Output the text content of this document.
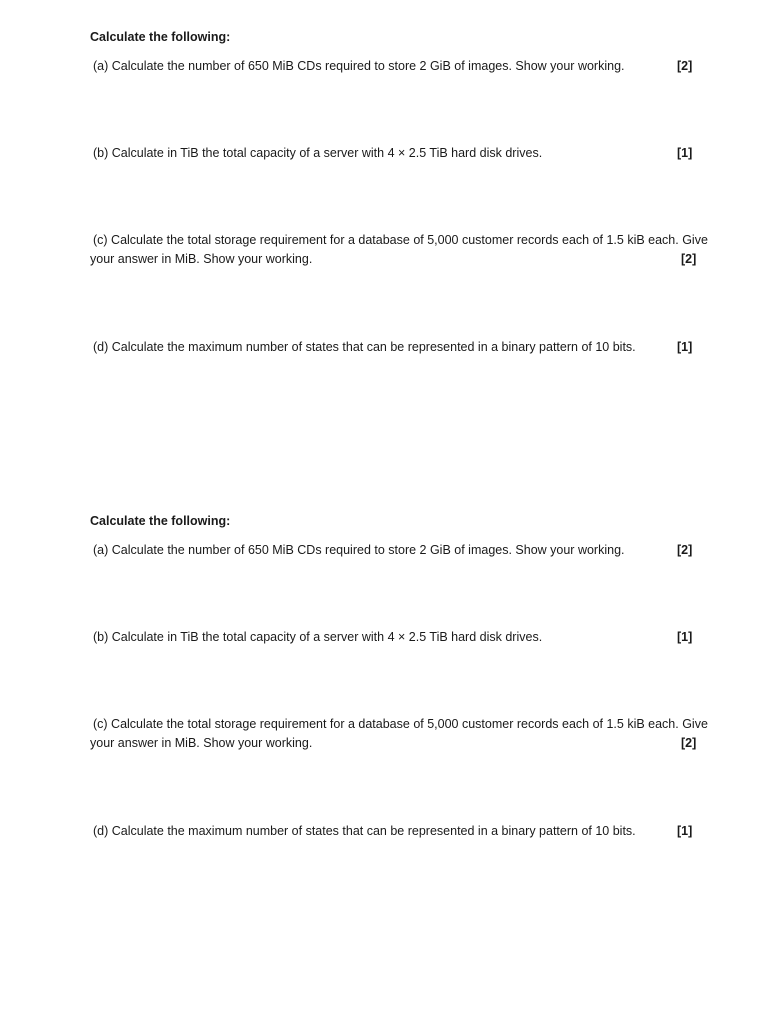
Calculate the following:
(a) Calculate the number of 650 MiB CDs required to store 2 GiB of images. Show your working.	[2]
(b) Calculate in TiB the total capacity of a server with 4 × 2.5 TiB hard disk drives.	[1]
(c) Calculate the total storage requirement for a database of 5,000 customer records each of 1.5 kiB each. Give
your answer in MiB. Show your working.	[2]
(d) Calculate the maximum number of states that can be represented in a binary pattern of 10 bits.	[1]
Calculate the following:
(a) Calculate the number of 650 MiB CDs required to store 2 GiB of images. Show your working.	[2]
(b) Calculate in TiB the total capacity of a server with 4 × 2.5 TiB hard disk drives.	[1]
(c) Calculate the total storage requirement for a database of 5,000 customer records each of 1.5 kiB each. Give
your answer in MiB. Show your working.	[2]
(d) Calculate the maximum number of states that can be represented in a binary pattern of 10 bits.	[1]
